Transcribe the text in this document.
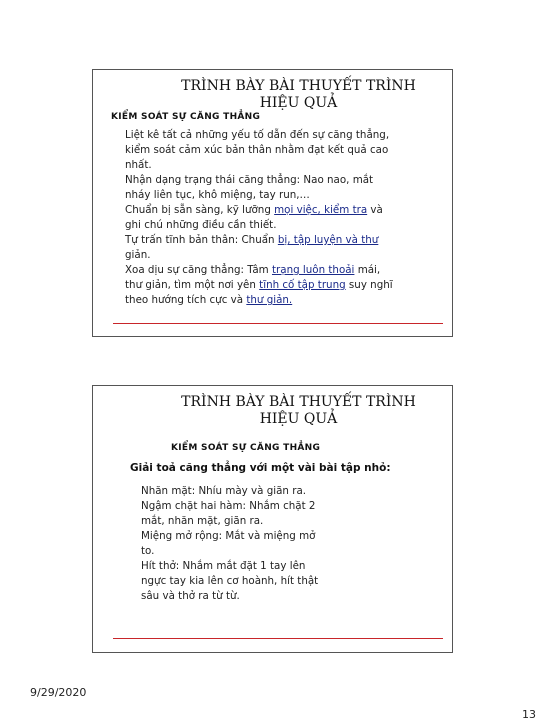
TRÌNH BÀY BÀI THUYẾT TRÌNH
HIỆU QUẢ
KIỂM SOÁT SỰ CĂNG THẲNG
Liệt kê tất cả những yếu tố dẫn đến sự căng thẳng, kiểm soát cảm xúc bản thân nhằm đạt kết quả cao nhất.
Nhận dạng trạng thái căng thẳng: Nao nao, mắt nháy liên tục, khô miệng, tay run,…
Chuẩn bị sẵn sàng, kỹ lưỡng mọi việc, kiểm tra và ghi chú những điều cần thiết.
Tự trấn tĩnh bản thân: Chuẩn bị, tập luyện và thư giản.
Xoa dịu sự căng thẳng: Tâm trạng luôn thoải mái, thư giản, tìm một nơi yên tĩnh cố tập trung suy nghĩ theo hướng tích cực và thư giản.
TRÌNH BÀY BÀI THUYẾT TRÌNH
HIỆU QUẢ
KIỂM SOÁT SỰ CĂNG THẲNG
Giải toả căng thẳng với một vài bài tập nhỏ:
Nhăn mặt: Nhíu mày và giãn ra.
Ngậm chặt hai hàm: Nhắm chặt 2 mắt, nhăn mặt, giãn ra.
Miệng mở rộng: Mắt và miệng mở to.
Hít thở: Nhắm mắt đặt 1 tay lên ngực tay kia lên cơ hoành, hít thật sâu và thở ra từ từ.
9/29/2020
13
